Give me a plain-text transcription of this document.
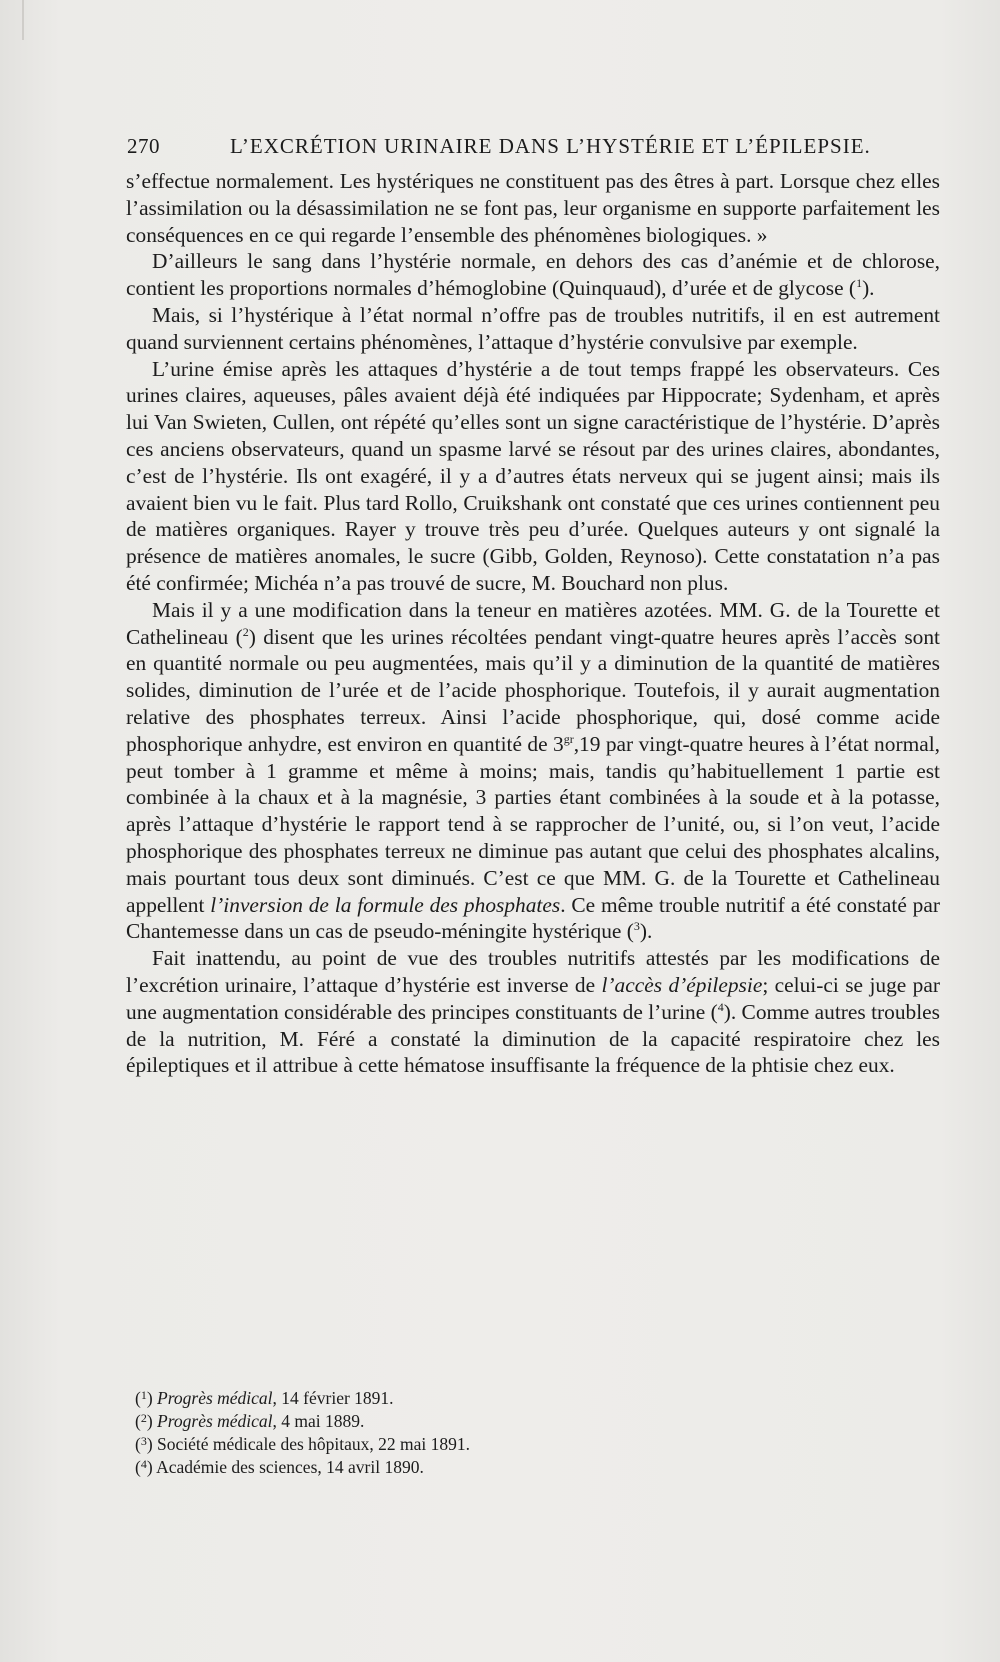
270	L’EXCRÉTION URINAIRE DANS L’HYSTÉRIE ET L’ÉPILEPSIE.

s’effectue normalement. Les hystériques ne constituent pas des êtres à part. Lorsque chez elles l’assimilation ou la désassimilation ne se font pas, leur organisme en supporte parfaitement les conséquences en ce qui regarde l’ensemble des phénomènes biologiques. »

D’ailleurs le sang dans l’hystérie normale, en dehors des cas d’anémie et de chlorose, contient les proportions normales d’hémoglobine (Quinquaud), d’urée et de glycose ($^1$).

Mais, si l’hystérique à l’état normal n’offre pas de troubles nutritifs, il en est autrement quand surviennent certains phénomènes, l’attaque d’hystérie convulsive par exemple.

L’urine émise après les attaques d’hystérie a de tout temps frappé les observateurs. Ces urines claires, aqueuses, pâles avaient déjà été indiquées par Hippocrate; Sydenham, et après lui Van Swieten, Cullen, ont répété qu’elles sont un signe caractéristique de l’hystérie. D’après ces anciens observateurs, quand un spasme larvé se résout par des urines claires, abondantes, c’est de l’hystérie. Ils ont exagéré, il y a d’autres états nerveux qui se jugent ainsi; mais ils avaient bien vu le fait. Plus tard Rollo, Cruikshank ont constaté que ces urines contiennent peu de matières organiques. Rayer y trouve très peu d’urée. Quelques auteurs y ont signalé la présence de matières anomales, le sucre (Gibb, Golden, Reynoso). Cette constatation n’a pas été confirmée; Michéa n’a pas trouvé de sucre, M. Bouchard non plus.

Mais il y a une modification dans la teneur en matières azotées. MM. G. de la Tourette et Cathelineau ($^2$) disent que les urines récoltées pendant vingt-quatre heures après l’accès sont en quantité normale ou peu augmentées, mais qu’il y a diminution de la quantité de matières solides, diminution de l’urée et de l’acide phosphorique. Toutefois, il y aurait augmentation relative des phosphates terreux. Ainsi l’acide phosphorique, qui, dosé comme acide phosphorique anhydre, est environ en quantité de $3^{gr},19$ par vingt-quatre heures à l’état normal, peut tomber à 1 gramme et même à moins; mais, tandis qu’habituellement 1 partie est combinée à la chaux et à la magnésie, 3 parties étant combinées à la soude et à la potasse, après l’attaque d’hystérie le rapport tend à se rapprocher de l’unité, ou, si l’on veut, l’acide phosphorique des phosphates terreux ne diminue pas autant que celui des phosphates alcalins, mais pourtant tous deux sont diminués. C’est ce que MM. G. de la Tourette et Cathelineau appellent l’inversion de la formule des phosphates. Ce même trouble nutritif a été constaté par Chantemesse dans un cas de pseudo-méningite hystérique ($^3$).

Fait inattendu, au point de vue des troubles nutritifs attestés par les modifications de l’excrétion urinaire, l’attaque d’hystérie est inverse de l’accès d’épilepsie; celui-ci se juge par une augmentation considérable des principes constituants de l’urine ($^4$). Comme autres troubles de la nutrition, M. Féré a constaté la diminution de la capacité respiratoire chez les épileptiques et il attribue à cette hématose insuffisante la fréquence de la phtisie chez eux.

($^1$) Progrès médical, 14 février 1891.

($^2$) Progrès médical, 4 mai 1889.

($^3$) Société médicale des hôpitaux, 22 mai 1891.

($^4$) Académie des sciences, 14 avril 1890.
